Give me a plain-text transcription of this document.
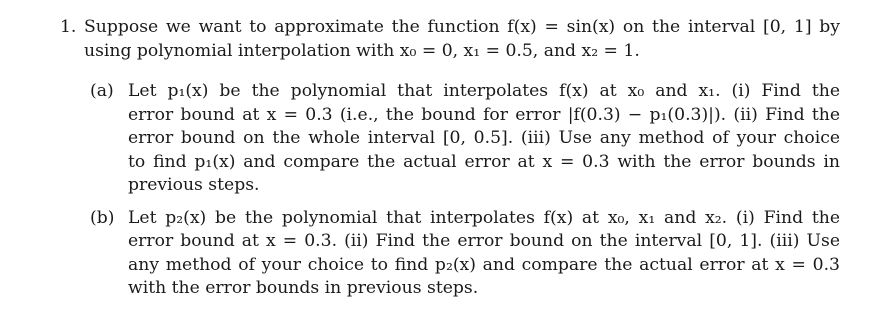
1. Suppose we want to approximate the function f(x) = sin(x) on the interval [0, 1] by
using polynomial interpolation with x₀ = 0, x₁ = 0.5, and x₂ = 1.
(a) Let p₁(x) be the polynomial that interpolates f(x) at x₀ and x₁. (i) Find the
error bound at x = 0.3 (i.e., the bound for error |f(0.3) − p₁(0.3)|). (ii) Find the
error bound on the whole interval [0, 0.5]. (iii) Use any method of your choice
to find p₁(x) and compare the actual error at x = 0.3 with the error bounds in
previous steps.
(b) Let p₂(x) be the polynomial that interpolates f(x) at x₀, x₁ and x₂. (i) Find the
error bound at x = 0.3. (ii) Find the error bound on the interval [0, 1]. (iii) Use
any method of your choice to find p₂(x) and compare the actual error at x = 0.3
with the error bounds in previous steps.
